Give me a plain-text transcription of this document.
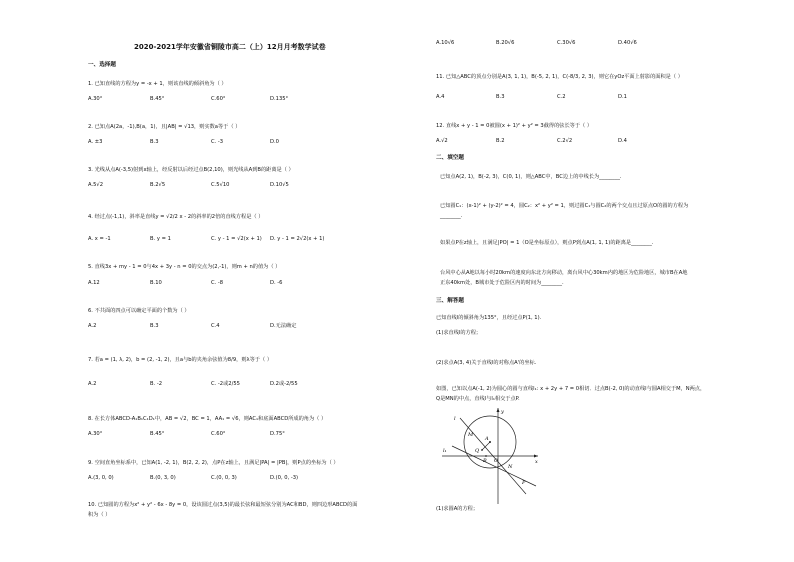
2020-2021学年安徽省铜陵市高二（上）12月月考数学试卷
一、选择题
1. 已知直线的方程为y = -x + 1，则该直线的倾斜角为（ ）
A.30°	B.45°	C.60°	D.135°
2. 已知点A(2a，-1),B(a，1)，且|AB| = √13，则实数a等于（ ）
A. ±3	B.3	C. -3	D.0
3. 光线从点A(-3,5)射到x轴上，经反射以后经过点B(2,10)，则光线从A到B的距离是（ ）
A.5√2	B.2√5	C.5√10	D.10√5
4. 经过点(-1,1)，斜率是直线y = √2/2 x - 2的斜率的2倍的直线方程是（ ）
A. x = -1	B. y = 1	C. y - 1 = √2(x + 1) D. y - 1 = 2√2(x + 1)
5. 直线3x + my - 1 = 0与4x + 3y - n = 0的交点为(2,-1)，则m + n的值为（ ）
A.12	B.10	C. -8	D. -6
6. 不共面的四点可以确定平面的个数为（ ）
A.2	B.3	C.4	D.无法确定
7. 若a = (1, λ, 2)，b = (2, -1, 2)，且a与b的夹角余弦值为8/9，则λ等于（ ）
A.2	B. -2	C. -2或2/55	D.2或-2/55
8. 在长方体ABCD-A₁B₁C₁D₁中，AB = √2，BC = 1，AA₁ = √6，则AC₁和底面ABCD所成的角为（ ）
A.30°	B.45°	C.60°	D.75°
9. 空间直角坐标系中，已知A(1, -2, 1)，B(2, 2, 2)，点P在z轴上，且满足|PA| = |PB|，则P点的坐标为（ ）
A.(3, 0, 0)	B.(0, 3, 0)	C.(0, 0, 3)	D.(0, 0, -3)
10. 已知圆的方程为x² + y² - 6x - 8y = 0，设该圆过点(3,5)的最长弦和最短弦分别为AC和BD，则四边形ABCD的面
积为（ ）
A.10√6	B.20√6	C.30√6	D.40√6
11. 已知△ABC的顶点分别是A(3, 1, 1)，B(-5, 2, 1)，C(-8/3, 2, 3)，则它在yOz平面上射影的面积是（ ）
A.4	B.3	C.2	D.1
12. 直线x + y - 1 = 0被圆(x + 1)² + y² = 3截得的弦长等于（ ）
A.√2	B.2	C.2√2	D.4
二、填空题
已知点A(2, 1)，B(-2, 3)，C(0, 1)，则△ABC中，BC边上的中线长为________.
已知圆C₁：(x-1)² + (y-2)² = 4，圆C₂：x² + y² = 1，则过圆C₁与圆C₂的两个交点且过原点O的圆的方程为
________.
如果点P在z轴上，且满足|PO| = 1（O是坐标原点），则点P到点A(1, 1, 1)的距离是________.
台风中心从A地以每小时20km的速度向东北方向移动，离台风中心30km内的地区为危险地区，城市B在A地
正东40km处，B城市处于危险区内的时间为________.
三、解答题
已知直线l的倾斜角为135°，且经过点P(1, 1).
(1)求直线l的方程；
(2)求点A(3, 4)关于直线l的对称点A'的坐标.
如图，已知以点A(-1, 2)为圆心的圆与直线l₁: x + 2y + 7 = 0相切．过点B(-2, 0)的动直线l与圆A相交于M，N两点，
Q是MN的中点，直线l与l₁相交于点P.
y
x
l
l₁
M
A
Q
B O
N
P
(1)求圆A的方程；
